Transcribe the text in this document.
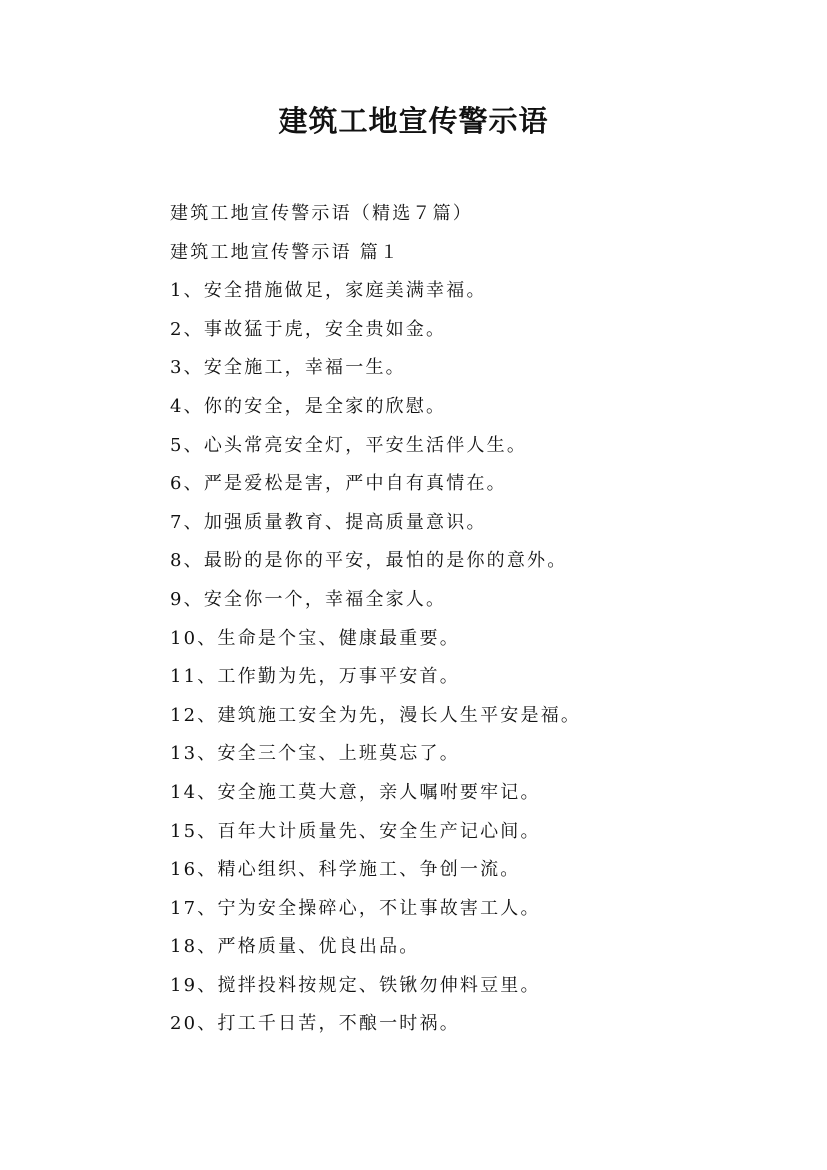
建筑工地宣传警示语
建筑工地宣传警示语（精选７篇）
建筑工地宣传警示语 篇１
1、安全措施做足，家庭美满幸福。
2、事故猛于虎，安全贵如金。
3、安全施工，幸福一生。
4、你的安全，是全家的欣慰。
5、心头常亮安全灯，平安生活伴人生。
6、严是爱松是害，严中自有真情在。
7、加强质量教育、提高质量意识。
8、最盼的是你的平安，最怕的是你的意外。
9、安全你一个，幸福全家人。
10、生命是个宝、健康最重要。
11、工作勤为先，万事平安首。
12、建筑施工安全为先，漫长人生平安是福。
13、安全三个宝、上班莫忘了。
14、安全施工莫大意，亲人嘱咐要牢记。
15、百年大计质量先、安全生产记心间。
16、精心组织、科学施工、争创一流。
17、宁为安全操碎心，不让事故害工人。
18、严格质量、优良出品。
19、搅拌投料按规定、铁锹勿伸料豆里。
20、打工千日苦，不酿一时祸。
